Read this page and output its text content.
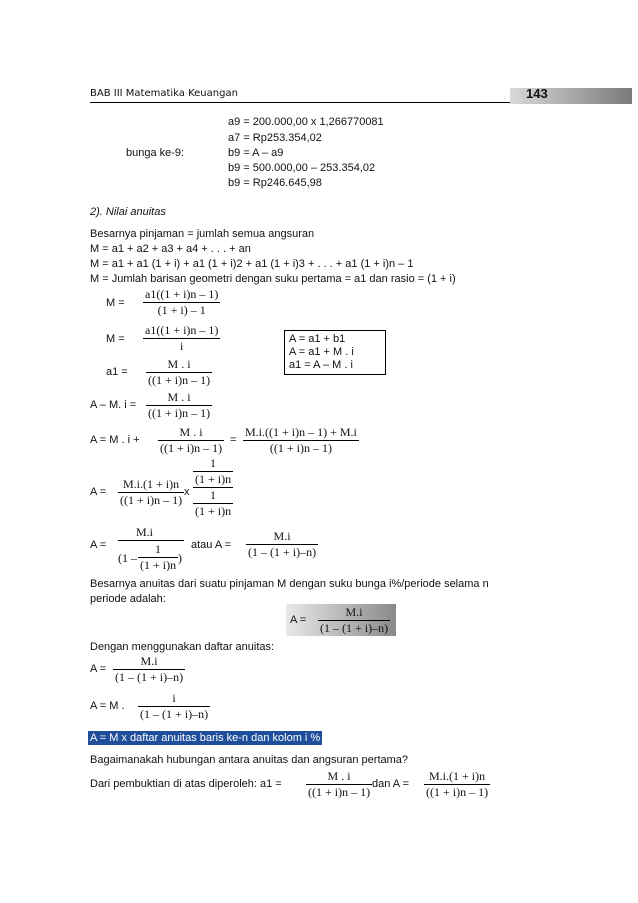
BAB III Matematika Keuangan	143
a9 = 200.000,00 x 1,266770081
a7 = Rp253.354,02
bunga ke-9:	b9 = A – a9
b9 = 500.000,00 – 253.354,02
b9 = Rp246.645,98
2). Nilai anuitas
Besarnya pinjaman = jumlah semua angsuran
M = a1 + a2 + a3 + a4 + . . . + an
M = a1 + a1 (1 + i) + a1 (1 + i)2 + a1 (1 + i)3 + . . . + a1 (1 + i)n – 1
M = Jumlah barisan geometri dengan suku pertama = a1 dan rasio = (1 + i)
$M = \frac{a1((1 + i)n - 1)}{(1 + i) - 1}$
$M = \frac{a1((1 + i)n - 1)}{i}$	A = a1 + b1
A = a1 + M . i
a1 = A – M . i
$a1 = \frac{M . i}{((1 + i)n - 1)}$
A – M. $i = \frac{M . i}{((1 + i)n - 1)}$
A = M . $i + \frac{M . i}{((1 + i)n - 1)} = \frac{M.i.((1 + i)n - 1) + M.i}{((1 + i)n - 1)}$
$A = \frac{M.i.(1 + i)n}{((1 + i)n - 1)}$ x
1
(1 + i)n
1
(1 + i)n
A =
M.i
($1 - \frac{1}{(1 + i)n}$ )
atau $A = \frac{M.i}{(1 - (1 + i)-n)}$
Besarnya anuitas dari suatu pinjaman M dengan suku bunga i%/periode selama n
periode adalah:
$A = \frac{M.i}{(1 - (1 + i)-n)}$
Dengan menggunakan daftar anuitas:
$A = \frac{M.i}{(1 - (1 + i)-n)}$
A = M . $\frac{i}{(1 - (1 + i)-n)}$
A = M x daftar anuitas baris ke-n dan kolom i %
Bagaimanakah hubungan antara anuitas dan angsuran pertama?
Dari pembuktian di atas diperoleh: $a1 = \frac{M . i}{((1 + i)n - 1)}$ dan $A = \frac{M.i.(1 + i)n}{((1 + i)n - 1)}$
